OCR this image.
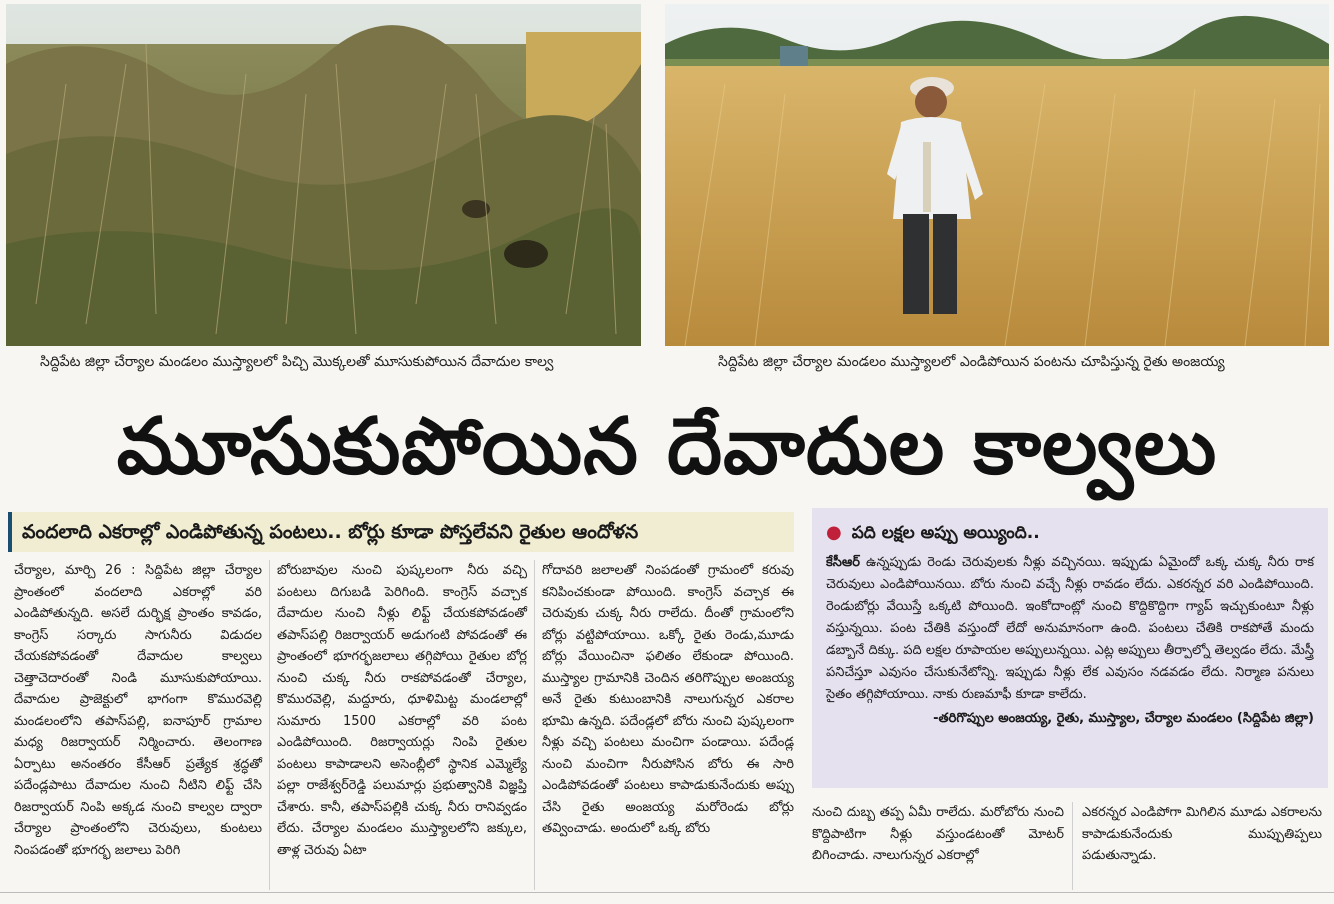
సిద్దిపేట జిల్లా చేర్యాల మండలం ముస్త్యాలలో పిచ్చి మొక్కలతో మూసుకుపోయిన దేవాదుల కాల్వ	సిద్దిపేట జిల్లా చేర్యాల మండలం ముస్త్యాలలో ఎండిపోయిన పంటను చూపిస్తున్న రైతు అంజయ్య
మూసుకుపోయిన దేవాదుల కాల్వలు
వందలాది ఎకరాల్లో ఎండిపోతున్న పంటలు.. బోర్లు కూడా పోస్తలేవని రైతుల ఆందోళన

చేర్యాల, మార్చి 26 : సిద్దిపేట జిల్లా చేర్యాల ప్రాంతంలో వందలాది ఎకరాల్లో వరి ఎండిపోతున్నది. అసలే దుర్భిక్ష ప్రాంతం కావడం, కాంగ్రెస్ సర్కారు సాగునీరు విడుదల చేయకపోవడంతో దేవాదుల కాల్వలు చెత్తాచెదారంతో నిండి మూసుకుపోయాయి. దేవాదుల ప్రాజెక్టులో భాగంగా కొమురవెల్లి మండలంలోని తపాస్‌పల్లి, ఐనాపూర్ గ్రామాల మధ్య రిజర్వాయర్ నిర్మించారు. తెలంగాణ ఏర్పాటు అనంతరం కేసీఆర్ ప్రత్యేక శ్రద్ధతో పదేండ్లపాటు దేవాదుల నుంచి నీటిని లిఫ్ట్ చేసి రిజర్వాయర్ నింపి అక్కడ నుంచి కాల్వల ద్వారా చేర్యాల ప్రాంతంలోని చెరువులు, కుంటలు నింపడంతో భూగర్భ జలాలు పెరిగి

బోరుబావుల నుంచి పుష్కలంగా నీరు వచ్చి పంటలు దిగుబడి పెరిగింది. కాంగ్రెస్ వచ్చాక దేవాదుల నుంచి నీళ్లు లిఫ్ట్ చేయకపోవడంతో తపాస్‌పల్లి రిజర్వాయర్ అడుగంటి పోవడంతో ఈ ప్రాంతంలో భూగర్భజలాలు తగ్గిపోయి రైతుల బోర్ల నుంచి చుక్క నీరు రాకపోవడంతో చేర్యాల, కొమురవెల్లి, మద్దూరు, ధూళిమిట్ట మండలాల్లో సుమారు 1500 ఎకరాల్లో వరి పంట ఎండిపోయింది. రిజర్వాయర్లు నింపి రైతుల పంటలు కాపాడాలని అసెంబ్లీలో స్థానిక ఎమ్మెల్యే పల్లా రాజేశ్వర్‌రెడ్డి పలుమార్లు ప్రభుత్వానికి విజ్ఞప్తి చేశారు. కానీ, తపాస్‌పల్లికి చుక్క నీరు రానివ్వడం లేదు. చేర్యాల మండలం ముస్త్యాలలోని జక్కుల, తాళ్ల చెరువు ఏటా

గోదావరి జలాలతో నింపడంతో గ్రామంలో కరువు కనిపించకుండా పోయింది. కాంగ్రెస్ వచ్చాక ఈ చెరువుకు చుక్క నీరు రాలేదు. దీంతో గ్రామంలోని బోర్లు వట్టిపోయాయి. ఒక్కో రైతు రెండు,మూడు బోర్లు వేయించినా ఫలితం లేకుండా పోయింది. ముస్త్యాల గ్రామానికి చెందిన తరిగొప్పుల అంజయ్య అనే రైతు కుటుంబానికి నాలుగున్నర ఎకరాల భూమి ఉన్నది. పదేండ్లలో బోరు నుంచి పుష్కలంగా నీళ్లు వచ్చి పంటలు మంచిగా పండాయి. పదేండ్ల నుంచి మంచిగా నీరుపోసిన బోరు ఈ సారి ఎండిపోవడంతో పంటలు కాపాడుకునేందుకు అప్పు చేసి రైతు అంజయ్య మరోరెండు బోర్లు తవ్వించాడు. అందులో ఒక్క బోరు

● పది లక్షల అప్పు అయ్యింది..
కేసీఆర్ ఉన్నప్పుడు రెండు చెరువులకు నీళ్లు వచ్చినయి. ఇప్పుడు ఏమైందో ఒక్క చుక్క నీరు రాక చెరువులు ఎండిపోయినయి. బోరు నుంచి వచ్చే నీళ్లు రావడం లేదు. ఎకరన్నర వరి ఎండిపోయింది. రెండుబోర్లు వేయిస్తే ఒక్కటి పోయింది. ఇంకోదాంట్లో నుంచి కొద్దికొద్దిగా గ్యాప్ ఇచ్చుకుంటూ నీళ్లు వస్తున్నయి. పంట చేతికి వస్తుందో లేదో అనుమానంగా ఉంది. పంటలు చేతికి రాకపోతే మందు డబ్బానే దిక్కు. పది లక్షల రూపాయల అప్పులున్నయి. ఎట్ల అప్పులు తీర్పాల్నో తెల్వడం లేదు. మేస్త్రీ పనిచేస్తూ ఎవుసం చేసుకునేటోన్ని. ఇప్పుడు నీళ్లు లేక ఎవుసం నడవడం లేదు. నిర్మాణ పనులు సైతం తగ్గిపోయాయి. నాకు రుణమాఫీ కూడా కాలేదు.
-తరిగొప్పుల అంజయ్య, రైతు, ముస్త్యాల, చేర్యాల మండలం (సిద్దిపేట జిల్లా)

నుంచి దుబ్బ తప్ప ఏమీ రాలేదు. మరోబోరు నుంచి కొద్దిపాటిగా నీళ్లు వస్తుండటంతో మోటర్ బిగించాడు. నాలుగున్నర ఎకరాల్లో

ఎకరన్నర ఎండిపోగా మిగిలిన మూడు ఎకరాలను కాపాడుకునేందుకు ముప్పుతిప్పలు పడుతున్నాడు.
